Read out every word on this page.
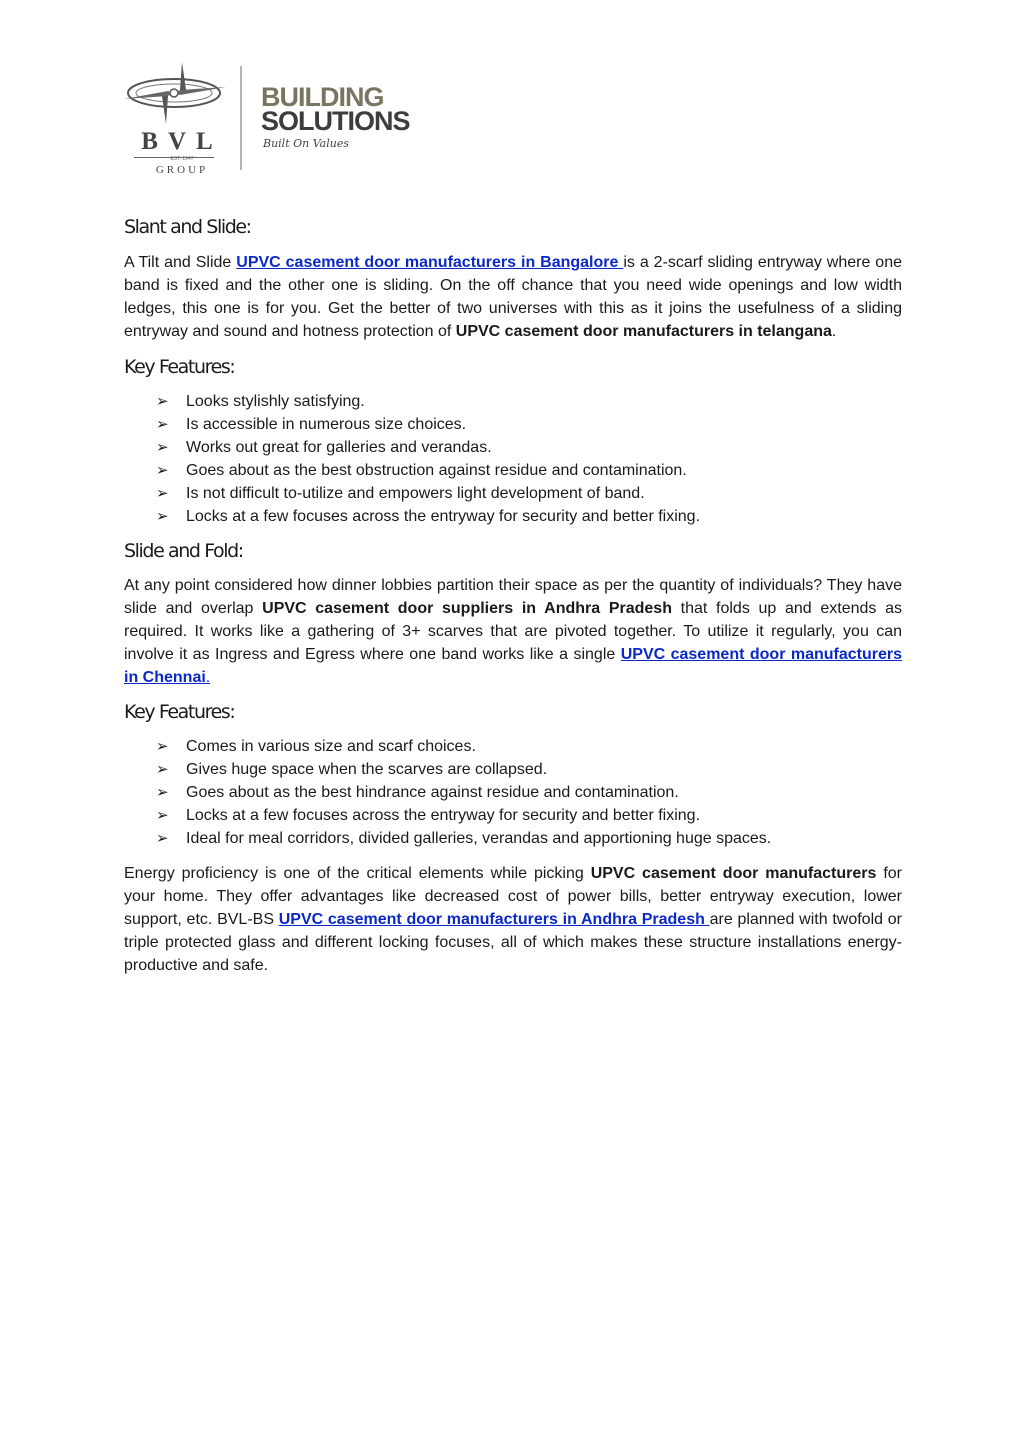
BVL
EST. 1947
GROUP
BUILDING
SOLUTIONS
Built On Values
Slant and Slide:

A Tilt and Slide UPVC casement door manufacturers in Bangalore is a 2-scarf sliding entryway where one band is fixed and the other one is sliding. On the off chance that you need wide openings and low width ledges, this one is for you. Get the better of two universes with this as it joins the usefulness of a sliding entryway and sound and hotness protection of UPVC casement door manufacturers in telangana.

Key Features:
➢ Looks stylishly satisfying.
➢ Is accessible in numerous size choices.
➢ Works out great for galleries and verandas.
➢ Goes about as the best obstruction against residue and contamination.
➢ Is not difficult to-utilize and empowers light development of band.
➢ Locks at a few focuses across the entryway for security and better fixing.
Slide and Fold:

At any point considered how dinner lobbies partition their space as per the quantity of individuals? They have slide and overlap UPVC casement door suppliers in Andhra Pradesh that folds up and extends as required. It works like a gathering of 3+ scarves that are pivoted together. To utilize it regularly, you can involve it as Ingress and Egress where one band works like a single UPVC casement door manufacturers in Chennai.

Key Features:
➢ Comes in various size and scarf choices.
➢ Gives huge space when the scarves are collapsed.
➢ Goes about as the best hindrance against residue and contamination.
➢ Locks at a few focuses across the entryway for security and better fixing.
➢ Ideal for meal corridors, divided galleries, verandas and apportioning huge spaces.

Energy proficiency is one of the critical elements while picking UPVC casement door manufacturers for your home. They offer advantages like decreased cost of power bills, better entryway execution, lower support, etc. BVL-BS UPVC casement door manufacturers in Andhra Pradesh are planned with twofold or triple protected glass and different locking focuses, all of which makes these structure installations energy-productive and safe.
